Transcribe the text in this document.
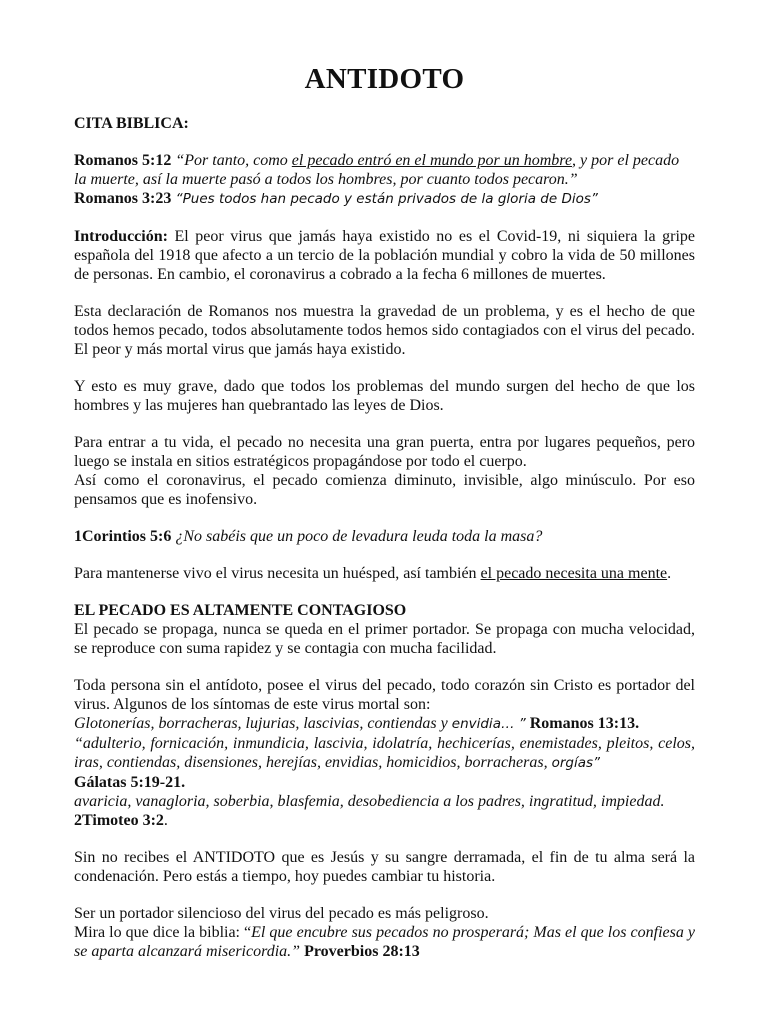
ANTIDOTO

CITA BIBLICA:

Romanos 5:12 “Por tanto, como el pecado entró en el mundo por un hombre, y por el pecado la muerte, así la muerte pasó a todos los hombres, por cuanto todos pecaron.”

Romanos 3:23 “Pues todos han pecado y están privados de la gloria de Dios”

Introducción: El peor virus que jamás haya existido no es el Covid-19, ni siquiera la gripe española del 1918 que afecto a un tercio de la población mundial y cobro la vida de 50 millones de personas. En cambio, el coronavirus a cobrado a la fecha 6 millones de muertes.

Esta declaración de Romanos nos muestra la gravedad de un problema, y es el hecho de que todos hemos pecado, todos absolutamente todos hemos sido contagiados con el virus del pecado. El peor y más mortal virus que jamás haya existido.

Y esto es muy grave, dado que todos los problemas del mundo surgen del hecho de que los hombres y las mujeres han quebrantado las leyes de Dios.

Para entrar a tu vida, el pecado no necesita una gran puerta, entra por lugares pequeños, pero luego se instala en sitios estratégicos propagándose por todo el cuerpo.

Así como el coronavirus, el pecado comienza diminuto, invisible, algo minúsculo. Por eso pensamos que es inofensivo.

1Corintios 5:6 ¿No sabéis que un poco de levadura leuda toda la masa?

Para mantenerse vivo el virus necesita un huésped, así también el pecado necesita una mente.

EL PECADO ES ALTAMENTE CONTAGIOSO

El pecado se propaga, nunca se queda en el primer portador. Se propaga con mucha velocidad, se reproduce con suma rapidez y se contagia con mucha facilidad.

Toda persona sin el antídoto, posee el virus del pecado, todo corazón sin Cristo es portador del virus. Algunos de los síntomas de este virus mortal son:

Glotonerías, borracheras, lujurias, lascivias, contiendas y envidia… ” Romanos 13:13.

“adulterio, fornicación, inmundicia, lascivia, idolatría, hechicerías, enemistades, pleitos, celos, iras, contiendas, disensiones, herejías, envidias, homicidios, borracheras, orgías”

Gálatas 5:19-21.

avaricia, vanagloria, soberbia, blasfemia, desobediencia a los padres, ingratitud, impiedad.

2Timoteo 3:2.

Sin no recibes el ANTIDOTO que es Jesús y su sangre derramada, el fin de tu alma será la condenación. Pero estás a tiempo, hoy puedes cambiar tu historia.

Ser un portador silencioso del virus del pecado es más peligroso.

Mira lo que dice la biblia: “El que encubre sus pecados no prosperará; Mas el que los confiesa y se aparta alcanzará misericordia.” Proverbios 28:13
